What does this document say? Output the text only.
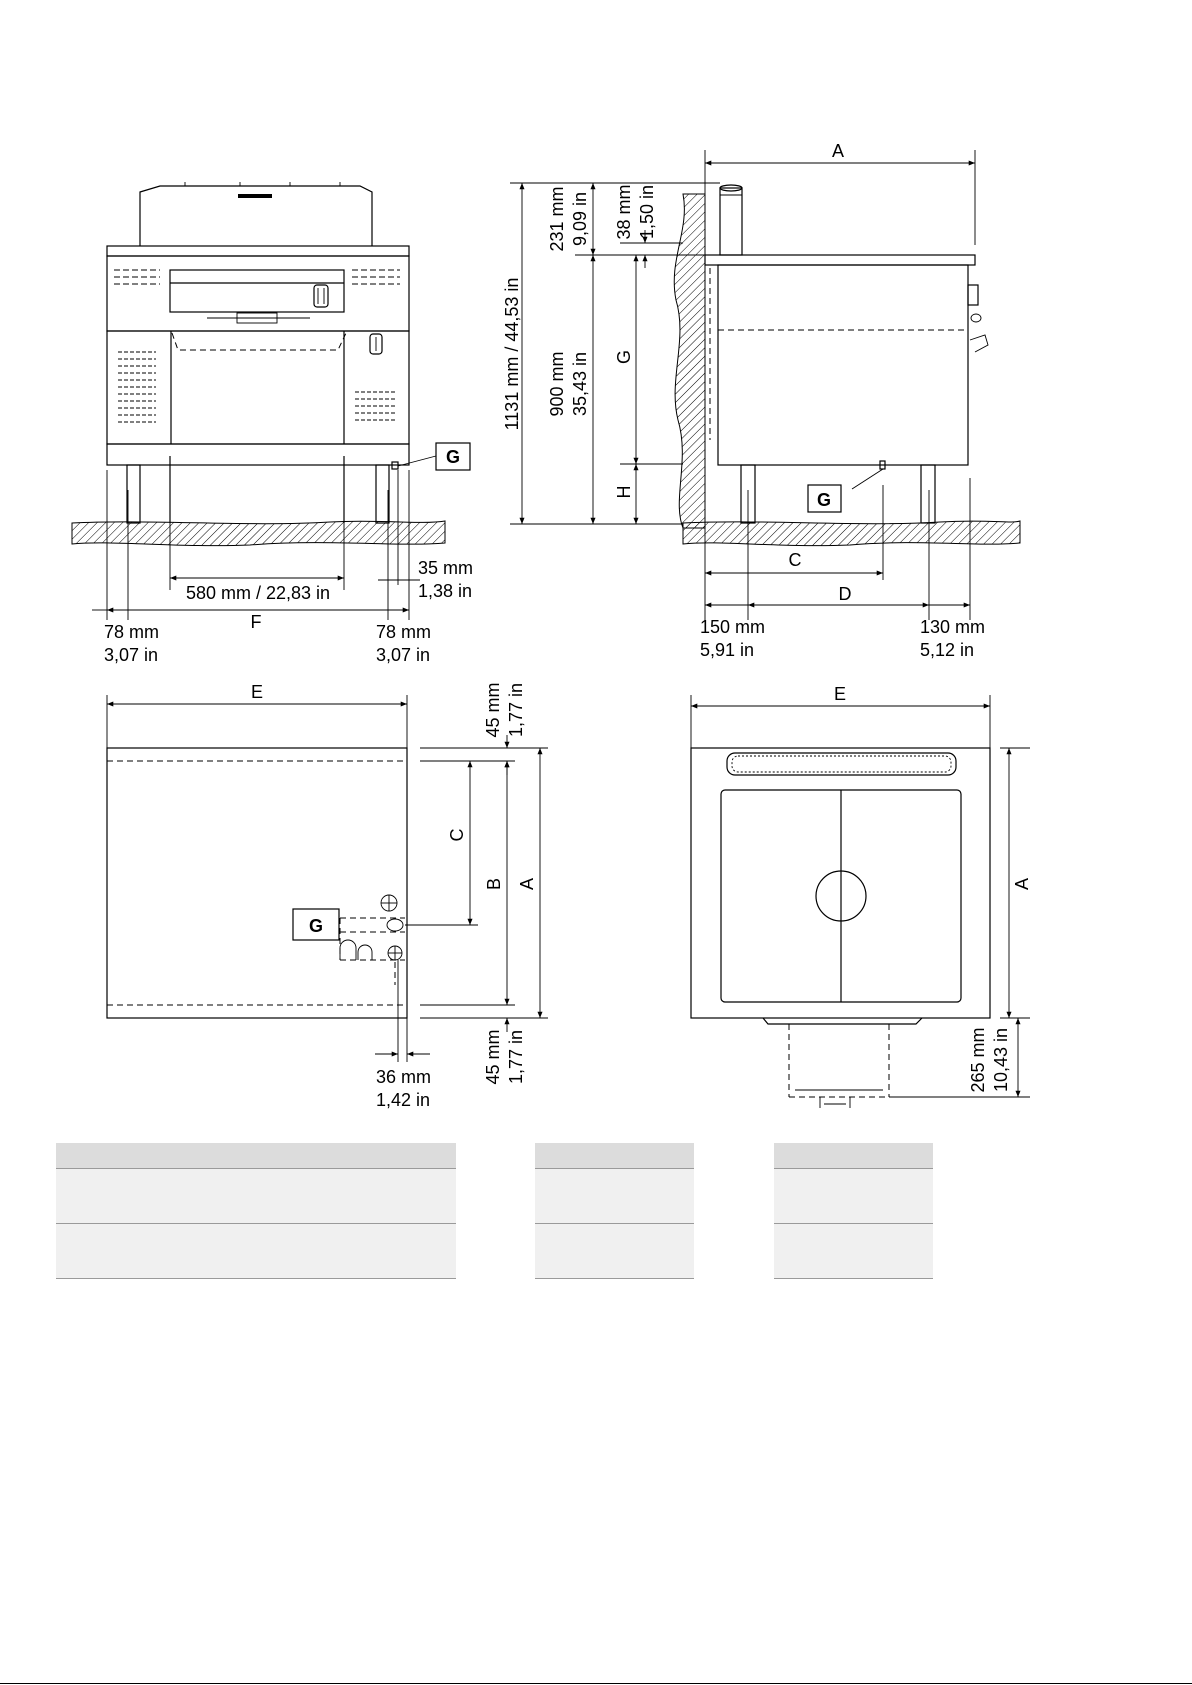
G
580 mm / 22,83 in
F
78 mm
3,07 in
78 mm
3,07 in
35 mm
1,38 in
G
A
1131 mm / 44,53 in
231 mm 9,09 in 38 mm 1,50 in
900 mm 35,43 in G
H
C
D
150 mm
5,91 in
130 mm
5,12 in
E
G
45 mm 1,77 in
C
B A
45 mm 1,77 in
36 mm
1,42 in
E
A
265 mm 10,43 in
